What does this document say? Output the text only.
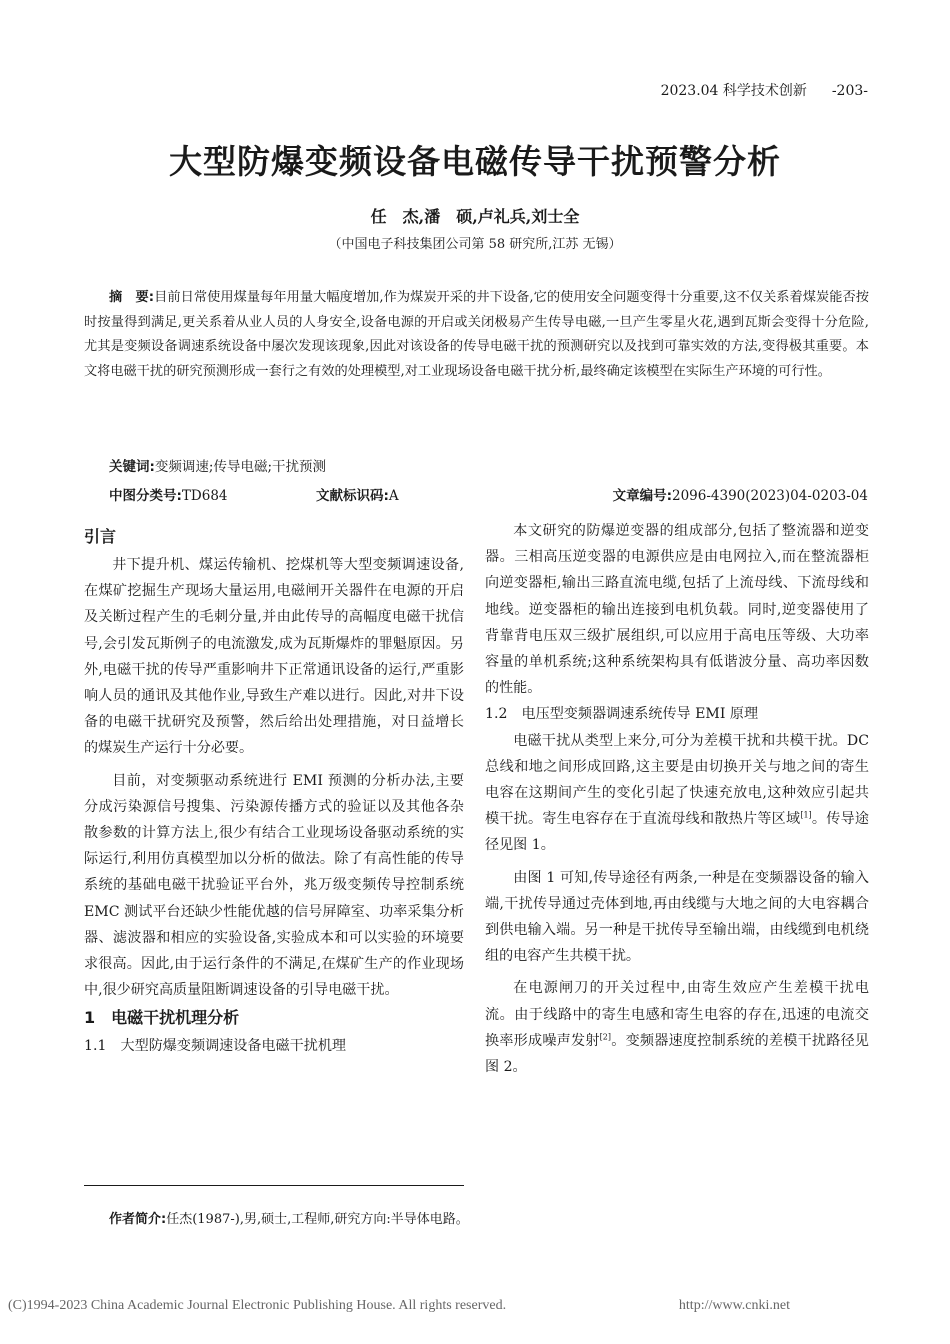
2023.04 科学技术创新 -203-
大型防爆变频设备电磁传导干扰预警分析
任　杰,潘　硕,卢礼兵,刘士全
（中国电子科技集团公司第 58 研究所,江苏 无锡）
摘　要:目前日常使用煤量每年用量大幅度增加,作为煤炭开采的井下设备,它的使用安全问题变得十分重要,这不仅关系着煤炭能否按时按量得到满足,更关系着从业人员的人身安全,设备电源的开启或关闭极易产生传导电磁,一旦产生零星火花,遇到瓦斯会变得十分危险,尤其是变频设备调速系统设备中屡次发现该现象,因此对该设备的传导电磁干扰的预测研究以及找到可靠实效的方法,变得极其重要。本文将电磁干扰的研究预测形成一套行之有效的处理模型,对工业现场设备电磁干扰分析,最终确定该模型在实际生产环境的可行性。
关键词:变频调速;传导电磁;干扰预测
中图分类号:TD684	文献标识码:A	文章编号:2096-4390(2023)04-0203-04

引言

井下提升机、煤运传输机、挖煤机等大型变频调速设备,在煤矿挖掘生产现场大量运用,电磁闸开关器件在电源的开启及关断过程产生的毛刺分量,并由此传导的高幅度电磁干扰信号,会引发瓦斯例子的电流激发,成为瓦斯爆炸的罪魁原因。另外,电磁干扰的传导严重影响井下正常通讯设备的运行,严重影响人员的通讯及其他作业,导致生产难以进行。因此,对井下设备的电磁干扰研究及预警，然后给出处理措施，对日益增长的煤炭生产运行十分必要。

目前，对变频驱动系统进行 EMI 预测的分析办法,主要分成污染源信号搜集、污染源传播方式的验证以及其他各杂散参数的计算方法上,很少有结合工业现场设备驱动系统的实际运行,利用仿真模型加以分析的做法。除了有高性能的传导系统的基础电磁干扰验证平台外，兆万级变频传导控制系统 EMC 测试平台还缺少性能优越的信号屏障室、功率采集分析器、滤波器和相应的实验设备,实验成本和可以实验的环境要求很高。因此,由于运行条件的不满足,在煤矿生产的作业现场中,很少研究高质量阻断调速设备的引导电磁干扰。

1　电磁干扰机理分析

1.1　大型防爆变频调速设备电磁干扰机理

本文研究的防爆逆变器的组成部分,包括了整流器和逆变器。三相高压逆变器的电源供应是由电网拉入,而在整流器柜向逆变器柜,输出三路直流电缆,包括了上流母线、下流母线和地线。逆变器柜的输出连接到电机负载。同时,逆变器使用了背靠背电压双三级扩展组织,可以应用于高电压等级、大功率容量的单机系统;这种系统架构具有低谐波分量、高功率因数的性能。

1.2　电压型变频器调速系统传导 EMI 原理

电磁干扰从类型上来分,可分为差模干扰和共模干扰。DC 总线和地之间形成回路,这主要是由切换开关与地之间的寄生电容在这期间产生的变化引起了快速充放电,这种效应引起共模干扰。寄生电容存在于直流母线和散热片等区域[1]。传导途径见图 1。

由图 1 可知,传导途径有两条,一种是在变频器设备的输入端,干扰传导通过壳体到地,再由线缆与大地之间的大电容耦合到供电输入端。另一种是干扰传导至输出端，由线缆到电机绕组的电容产生共模干扰。

在电源闸刀的开关过程中,由寄生效应产生差模干扰电流。由于线路中的寄生电感和寄生电容的存在,迅速的电流交换率形成噪声发射[2]。变频器速度控制系统的差模干扰路径见图 2。

作者简介:任杰(1987-),男,硕士,工程师,研究方向:半导体电路。
(C)1994-2023 China Academic Journal Electronic Publishing House. All rights reserved.	http://www.cnki.net
